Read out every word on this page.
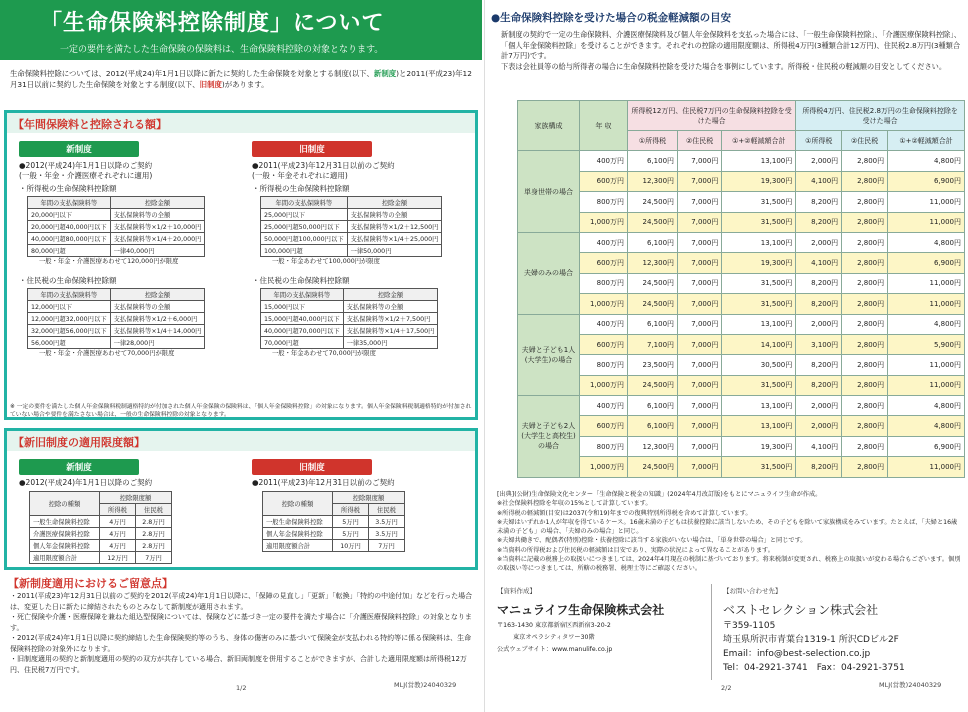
「生命保険料控除制度」について
一定の要件を満たした生命保険の保険料は、生命保険料控除の対象となります。
生命保険料控除については、2012(平成24)年1月1日以降に新たに契約した生命保険を対象とする制度(以下、新制度)と2011(平成23)年12月31日以前に契約した生命保険を対象とする制度(以下、旧制度)があります。
【年間保険料と控除される額】
新制度
●2012(平成24)年1月1日以降のご契約
(一般・年金・介護医療それぞれに適用)
・所得税の生命保険料控除額
年間の支払保険料等	控除金額
20,000円以下	支払保険料等の全額
20,000円超40,000円以下	支払保険料等×1/2＋10,000円
40,000円超80,000円以下	支払保険料等×1/4＋20,000円
80,000円超	一律40,000円
一般・年金・介護医療あわせて120,000円が限度
・住民税の生命保険料控除額
年間の支払保険料等	控除金額
12,000円以下	支払保険料等の全額
12,000円超32,000円以下	支払保険料等×1/2＋6,000円
32,000円超56,000円以下	支払保険料等×1/4＋14,000円
56,000円超	一律28,000円
一般・年金・介護医療あわせて70,000円が限度
旧制度
●2011(平成23)年12月31日以前のご契約
(一般・年金それぞれに適用)
・所得税の生命保険料控除額
年間の支払保険料等	控除金額
25,000円以下	支払保険料等の全額
25,000円超50,000円以下	支払保険料等×1/2＋12,500円
50,000円超100,000円以下	支払保険料等×1/4＋25,000円
100,000円超	一律50,000円
一般・年金あわせて100,000円が限度
・住民税の生命保険料控除額
年間の支払保険料等	控除金額
15,000円以下	支払保険料等の全額
15,000円超40,000円以下	支払保険料等×1/2＋7,500円
40,000円超70,000円以下	支払保険料等×1/4＋17,500円
70,000円超	一律35,000円
一般・年金あわせて70,000円が限度
※ 一定の要件を満たした個人年金保険料税制適格特約が付加された個人年金保険の保険料は、「個人年金保険料控除」の対象になります。個人年金保険料税制適格特約が付加されていない場合や要件を満たさない場合は、一般の生命保険料控除の対象となります。
【新旧制度の適用限度額】
新制度
●2012(平成24)年1月1日以降のご契約
控除の種類	控除限度額	
	所得税	住民税
一般生命保険料控除	4万円	2.8万円
介護医療保険料控除	4万円	2.8万円
個人年金保険料控除	4万円	2.8万円
適用限度額合計	12万円	7万円
旧制度
●2011(平成23)年12月31日以前のご契約
控除の種類	控除限度額	
	所得税	住民税
一般生命保険料控除	5万円	3.5万円
個人年金保険料控除	5万円	3.5万円
適用限度額合計	10万円	7万円
【新制度適用におけるご留意点】
・2011(平成23)年12月31日以前のご契約を2012(平成24)年1月1日以降に、「保障の見直し」「更新」「転換」「特約の中途付加」などを行った場合は、変更した日に新たに締結されたものとみなして新制度が適用されます。
・死亡保険や介護・医療保障を兼ねた組込型保険については、保険などに基づき一定の要件を満たす場合に「介護医療保険料控除」の対象となります。
・2012(平成24)年1月1日以降に契約締結した生命保険契約等のうち、身体の傷害のみに基づいて保険金が支払われる特約等に係る保険料は、生命保険料控除の対象外になります。
・旧制度適用の契約と新制度適用の契約の双方が共存している場合、新旧両制度を併用することができますが、合計した適用限度額は所得税12万円、住民税7万円です。
1/2	MLJ(営教)24040329
●生命保険料控除を受けた場合の税金軽減額の目安
新制度の契約で一定の生命保険料、介護医療保険料及び個人年金保険料を支払った場合には、「一般生命保険料控除」、「介護医療保険料控除」、「個人年金保険料控除」を受けることができます。それぞれの控除の適用限度額は、所得税4万円(3種類合計12万円)、住民税2.8万円(3種類合計7万円)です。
下表は会社員等の給与所得者の場合に生命保険料控除を受けた場合を事例にしています。所得税・住民税の軽減額の目安としてください。
家族構成	年 収	所得税12万円、住民税7万円の生命保険料控除を受けた場合			所得税4万円、住民税2.8万円の生命保険料控除を受けた場合		
		①所得税	②住民税	①+②軽減額合計	①所得税	②住民税	①+②軽減額合計
単身世帯の場合	400万円	6,100円	7,000円	13,100円	2,000円	2,800円	4,800円
	600万円	12,300円	7,000円	19,300円	4,100円	2,800円	6,900円
	800万円	24,500円	7,000円	31,500円	8,200円	2,800円	11,000円
	1,000万円	24,500円	7,000円	31,500円	8,200円	2,800円	11,000円
夫婦のみの場合	400万円	6,100円	7,000円	13,100円	2,000円	2,800円	4,800円
	600万円	12,300円	7,000円	19,300円	4,100円	2,800円	6,900円
	800万円	24,500円	7,000円	31,500円	8,200円	2,800円	11,000円
	1,000万円	24,500円	7,000円	31,500円	8,200円	2,800円	11,000円
夫婦と子ども1人(大学生)の場合	400万円	6,100円	7,000円	13,100円	2,000円	2,800円	4,800円
	600万円	7,100円	7,000円	14,100円	3,100円	2,800円	5,900円
	800万円	23,500円	7,000円	30,500円	8,200円	2,800円	11,000円
	1,000万円	24,500円	7,000円	31,500円	8,200円	2,800円	11,000円
夫婦と子ども2人(大学生と高校生)の場合	400万円	6,100円	7,000円	13,100円	2,000円	2,800円	4,800円
	600万円	6,100円	7,000円	13,100円	2,000円	2,800円	4,800円
	800万円	12,300円	7,000円	19,300円	4,100円	2,800円	6,900円
	1,000万円	24,500円	7,000円	31,500円	8,200円	2,800円	11,000円
[出典](公財)生命保険文化センター「生命保険と税金の知識」(2024年4月改訂版)をもとにマニュライフ生命が作成。
※社会保険料控除を年収の15%として計算しています。
※所得税の軽減額(目安)は2037(令和19)年までの復興特別所得税を含めて計算しています。
※夫婦はいずれか1人が年収を得ているケース。16歳未満の子どもは扶養控除に該当しないため、その子どもを除いて家族構成をみています。たとえば、「夫婦と16歳未満の子ども」の場合、「夫婦のみの場合」と同じ。
※夫婦共働きで、配偶者(特別)控除・扶養控除に該当する家族がいない場合は、「単身世帯の場合」と同じです。
※当資料の所得税および住民税の軽減額は目安であり、実際の状況によって異なることがあります。
※当資料に記載の税務上の取扱いにつきましては、2024年4月現在の税制に基づいております。将来税制が変更され、税務上の取扱いが変わる場合もございます。個別の取扱い等につきましては、所轄の税務署、税理士等にご確認ください。
【資料作成】
マニュライフ生命保険株式会社
〒163-1430 東京都新宿区西新宿3-20-2
東京オペラシティタワー30階
公式ウェブサイト：www.manulife.co.jp
【お問い合わせ先】
ベストセレクション株式会社
〒359-1105
埼玉県所沢市青葉台1319-1 所沢CDビル2F
Email：info@best-selection.co.jp
Tel：04-2921-3741　Fax：04-2921-3751
2/2	MLJ(営教)24040329
